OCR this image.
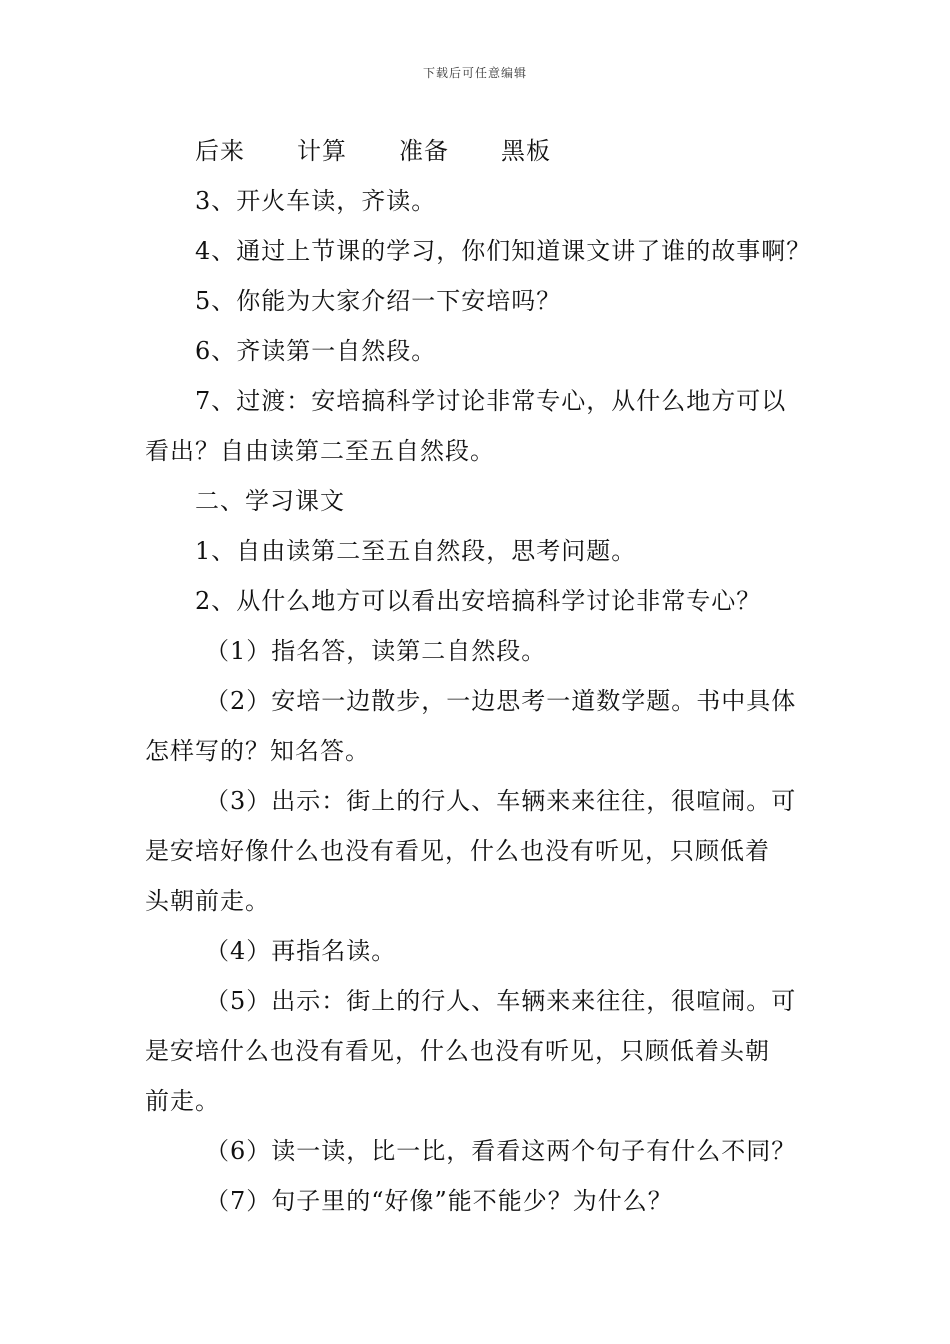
下载后可任意编辑
后来 计算 准备 黑板
3、开火车读，齐读。
4、通过上节课的学习，你们知道课文讲了谁的故事啊？
5、你能为大家介绍一下安培吗？
6、齐读第一自然段。
7、过渡：安培搞科学讨论非常专心，从什么地方可以
看出？自由读第二至五自然段。
二、学习课文
1、自由读第二至五自然段，思考问题。
2、从什么地方可以看出安培搞科学讨论非常专心？
（1）指名答，读第二自然段。
（2）安培一边散步，一边思考一道数学题。书中具体
怎样写的？知名答。
（3）出示：街上的行人、车辆来来往往，很喧闹。可
是安培好像什么也没有看见，什么也没有听见，只顾低着
头朝前走。
（4）再指名读。
（5）出示：街上的行人、车辆来来往往，很喧闹。可
是安培什么也没有看见，什么也没有听见，只顾低着头朝
前走。
（6）读一读，比一比，看看这两个句子有什么不同？
（7）句子里的“好像”能不能少？为什么？
